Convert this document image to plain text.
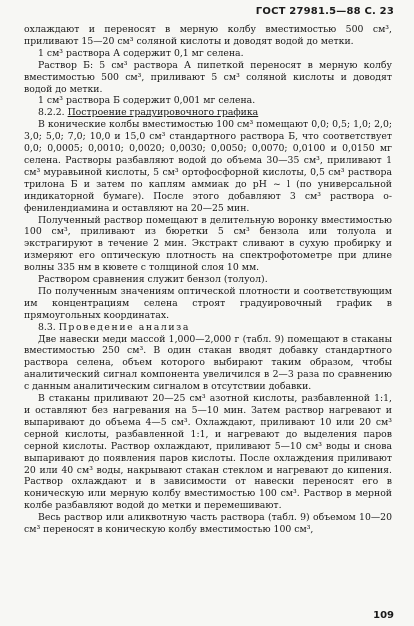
ГОСТ 27981.5—88 С. 23

охлаждают и переносят в мерную колбу вместимостью 500 см³, приливают 15—20 см³ соляной кислоты и доводят водой до метки.

1 см³ раствора А содержит 0,1 мг селена.

Раствор Б: 5 см³ раствора А пипеткой переносят в мерную колбу вместимостью 500 см³, приливают 5 см³ соляной кислоты и доводят водой до метки.

1 см³ раствора Б содержит 0,001 мг селена.

8.2.2. Построение градуировочного графика

В конические колбы вместимостью 100 см³ помещают 0,0; 0,5; 1,0; 2,0; 3,0; 5,0; 7,0; 10,0 и 15,0 см³ стандартного раствора Б, что соответствует 0,0; 0,0005; 0,0010; 0,0020; 0,0030; 0,0050; 0,0070; 0,0100 и 0,0150 мг селена. Растворы разбавляют водой до объема 30—35 см³, приливают 1 см³ муравьиной кислоты, 5 см³ ортофосфорной кислоты, 0,5 см³ раствора трилона Б и затем по каплям аммиак до рН ~ l (по универсальной индикаторной бумаге). После этого добавляют 3 см³ раствора о- фенилендиамина и оставляют на 20—25 мин.

Полученный раствор помещают в делительную воронку вместимостью 100 см³, приливают из бюретки 5 см³ бензола или толуола и экстрагируют в течение 2 мин. Экстракт сливают в сухую пробирку и измеряют его оптическую плотность на спектрофотометре при длине волны 335 нм в кювете с толщиной слоя 10 мм.

Раствором сравнения служит бензол (толуол).

По полученным значениям оптической плотности и соответствующим им концентрациям селена строят градуировочный график в прямоугольных координатах.

8.3. Проведение анализа

Две навески меди массой 1,000—2,000 г (табл. 9) помещают в стаканы вместимостью 250 см³. В один стакан вводят добавку стандартного раствора селена, объем которого выбирают таким образом, чтобы аналитический сигнал компонента увеличился в 2—3 раза по сравнению с данным аналитическим сигналом в отсутствии добавки.

В стаканы приливают 20—25 см³ азотной кислоты, разбавленной 1:1, и оставляют без нагревания на 5—10 мин. Затем раствор нагревают и выпаривают до объема 4—5 см³. Охлаждают, приливают 10 или 20 см³ серной кислоты, разбавленной 1:1, и нагревают до выделения паров серной кислоты. Раствор охлаждают, приливают 5—10 см³ воды и снова выпаривают до появления паров кислоты. После охлаждения приливают 20 или 40 см³ воды, накрывают стакан стеклом и нагревают до кипения. Раствор охлаждают и в зависимости от навески переносят его в коническую или мерную колбу вместимостью 100 см³. Раствор в мерной колбе разбавляют водой до метки и перемешивают.

Весь раствор или аликвотную часть раствора (табл. 9) объемом 10—20 см³ переносят в коническую колбу вместимостью 100 см³,

109
